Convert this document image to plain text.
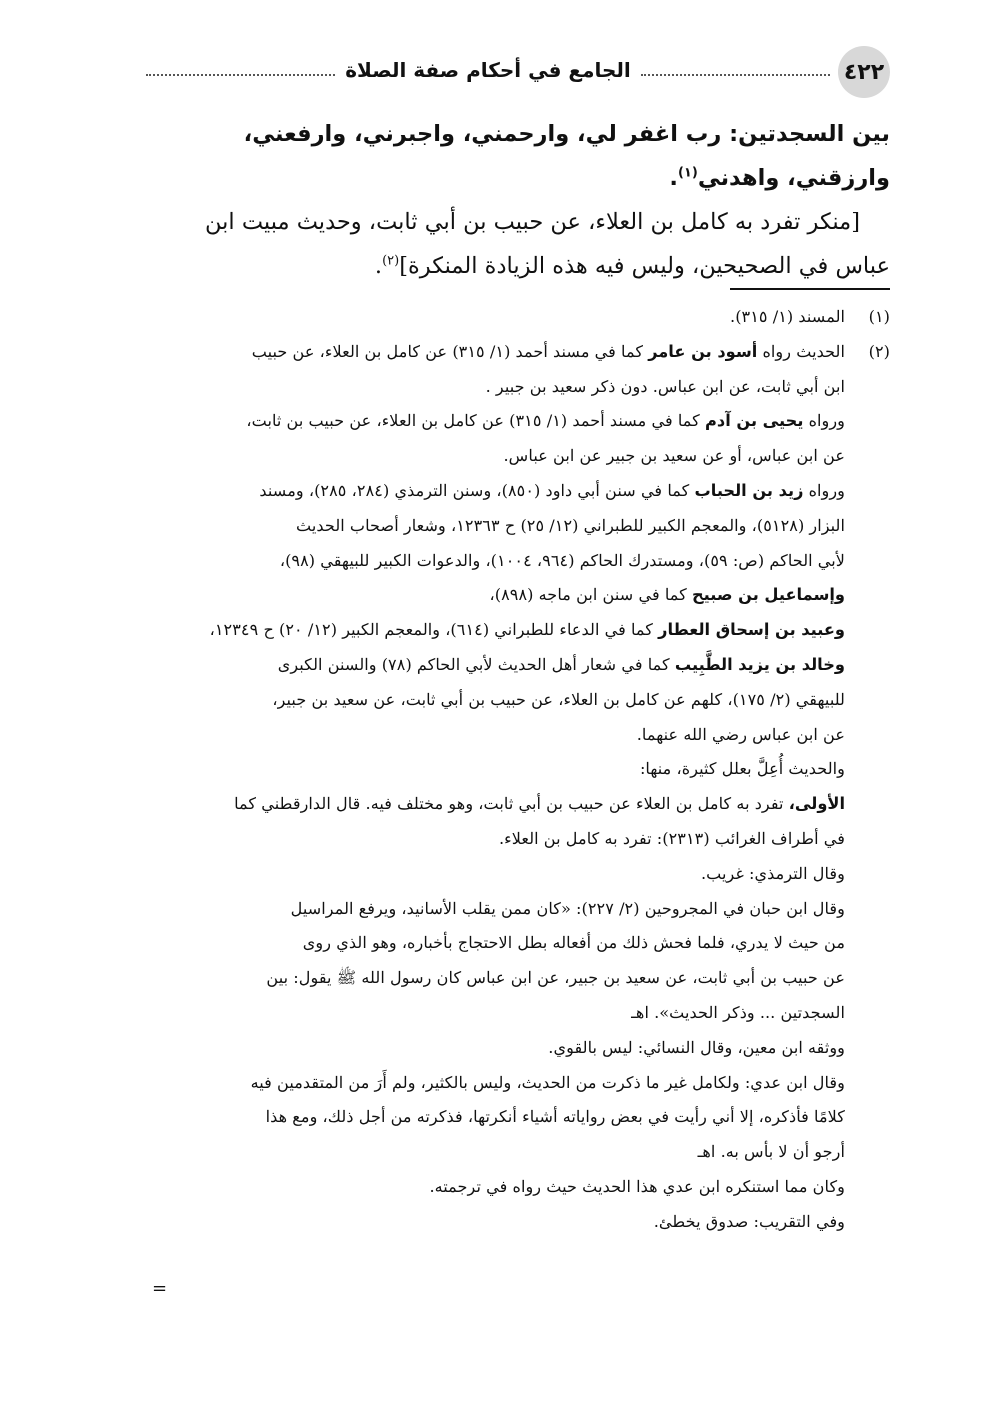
٤٢٢
الجامع في أحكام صفة الصلاة

بين السجدتين: رب اغفر لي، وارحمني، واجبرني، وارفعني، وارزقني، واهدني$^{(١)}$.

[منكر تفرد به كامل بن العلاء، عن حبيب بن أبي ثابت، وحديث مبيت ابن

عباس في الصحيحين، وليس فيه هذه الزيادة المنكرة]$^{(٢)}$.

(١)
المسند (١/ ٣١٥).
(٢)
الحديث رواه أسود بن عامر كما في مسند أحمد (١/ ٣١٥) عن كامل بن العلاء، عن حبيب
ابن أبي ثابت، عن ابن عباس. دون ذكر سعيد بن جبير .
ورواه يحيى بن آدم كما في مسند أحمد (١/ ٣١٥) عن كامل بن العلاء، عن حبيب بن ثابت،
عن ابن عباس، أو عن سعيد بن جبير عن ابن عباس.
ورواه زيد بن الحباب كما في سنن أبي داود (٨٥٠)، وسنن الترمذي (٢٨٤، ٢٨٥)، ومسند
البزار (٥١٢٨)، والمعجم الكبير للطبراني (١٢/ ٢٥) ح ١٢٣٦٣، وشعار أصحاب الحديث
لأبي الحاكم (ص: ٥٩)، ومستدرك الحاكم (٩٦٤، ١٠٠٤)، والدعوات الكبير للبيهقي (٩٨)،
وإسماعيل بن صبيح كما في سنن ابن ماجه (٨٩٨)،
وعبيد بن إسحاق العطار كما في الدعاء للطبراني (٦١٤)، والمعجم الكبير (١٢/ ٢٠) ح ١٢٣٤٩،
وخالد بن يزيد الطَّبِيب كما في شعار أهل الحديث لأبي الحاكم (٧٨) والسنن الكبرى
للبيهقي (٢/ ١٧٥)، كلهم عن كامل بن العلاء، عن حبيب بن أبي ثابت، عن سعيد بن جبير،
عن ابن عباس رضي الله عنهما.
والحديث أُعِلَّ بعلل كثيرة، منها:
الأولى، تفرد به كامل بن العلاء عن حبيب بن أبي ثابت، وهو مختلف فيه. قال الدارقطني كما
في أطراف الغرائب (٢٣١٣): تفرد به كامل بن العلاء.
وقال الترمذي: غريب.
وقال ابن حبان في المجروحين (٢/ ٢٢٧): «كان ممن يقلب الأسانيد، ويرفع المراسيل
من حيث لا يدري، فلما فحش ذلك من أفعاله بطل الاحتجاج بأخباره، وهو الذي روى
عن حبيب بن أبي ثابت، عن سعيد بن جبير، عن ابن عباس كان رسول الله ﷺ يقول: بين
السجدتين ... وذكر الحديث». اهـ
ووثقه ابن معين، وقال النسائي: ليس بالقوي.
وقال ابن عدي: ولكامل غير ما ذكرت من الحديث، وليس بالكثير، ولم أَرَ من المتقدمين فيه
كلامًا فأذكره، إلا أني رأيت في بعض رواياته أشياء أنكرتها، فذكرته من أجل ذلك، ومع هذا
أرجو أن لا بأس به. اهـ
وكان مما استنكره ابن عدي هذا الحديث حيث رواه في ترجمته.
وفي التقريب: صدوق يخطئ.
=
